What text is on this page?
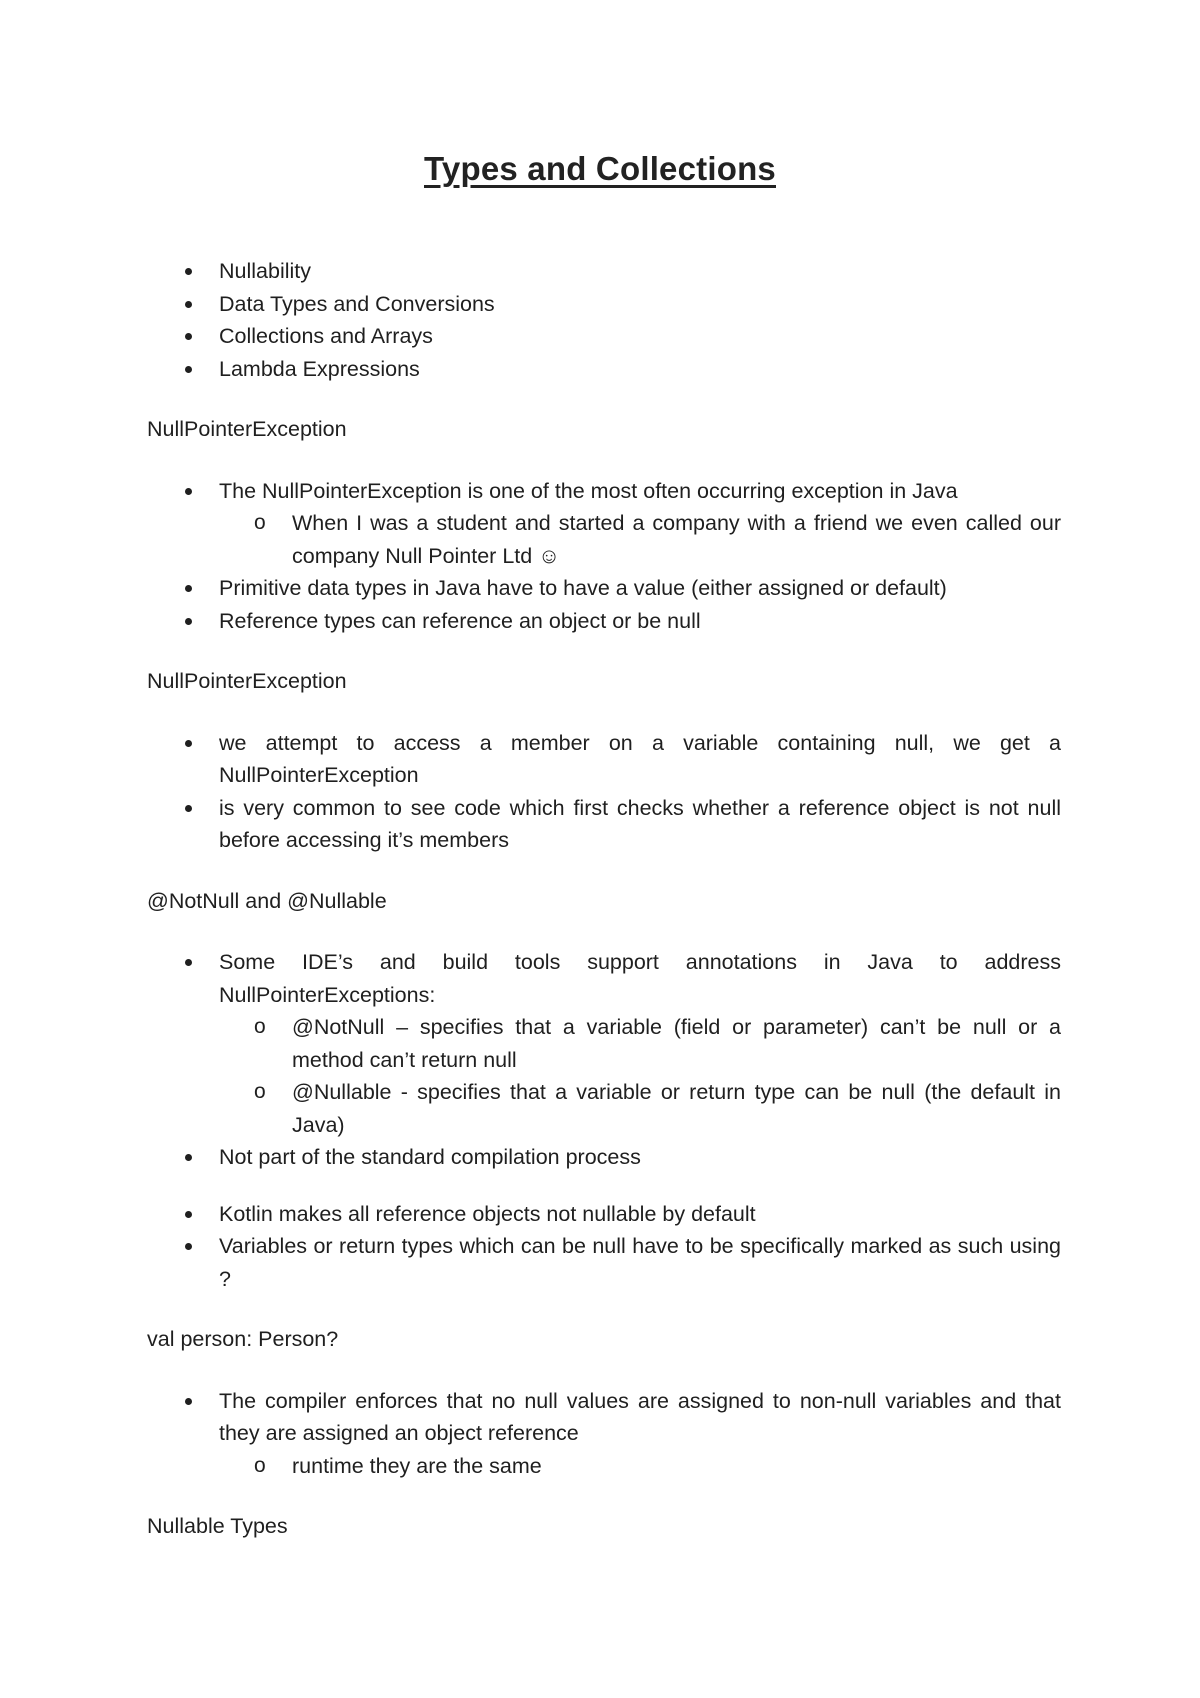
Types and Collections
Nullability
Data Types and Conversions
Collections and Arrays
Lambda Expressions

NullPointerException

The NullPointerException is one of the most often occurring exception in Java
o When I was a student and started a company with a friend we even called our company Null Pointer Ltd ☺
Primitive data types in Java have to have a value (either assigned or default)
Reference types can reference an object or be null

NullPointerException

we attempt to access a member on a variable containing null, we get a NullPointerException
is very common to see code which first checks whether a reference object is not null before accessing it’s members

@NotNull and @Nullable

Some IDE’s and build tools support annotations in Java to address NullPointerExceptions:
o @NotNull – specifies that a variable (field or parameter) can’t be null or a method can’t return null
o @Nullable - specifies that a variable or return type can be null (the default in Java)
Not part of the standard compilation process
Kotlin makes all reference objects not nullable by default
Variables or return types which can be null have to be specifically marked as such using ?

val person: Person?

The compiler enforces that no null values are assigned to non-null variables and that they are assigned an object reference
o runtime they are the same

Nullable Types
